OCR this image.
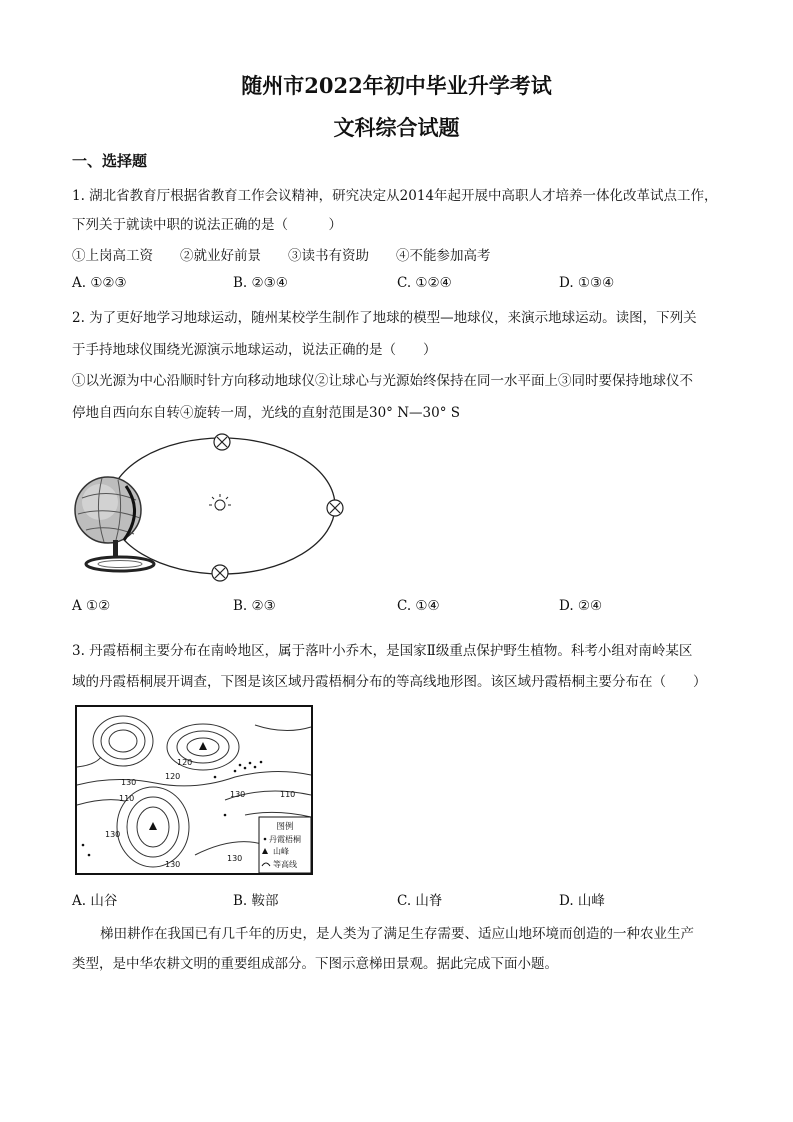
随州市2022年初中毕业升学考试
文科综合试题
一、选择题
1. 湖北省教育厅根据省教育工作会议精神，研究决定从2014年起开展中高职人才培养一体化改革试点工作，
下列关于就读中职的说法正确的是（　　　）
①上岗高工资　　②就业好前景　　③读书有资助　　④不能参加高考
A. ①②③	B. ②③④	C. ①②④	D. ①③④
2. 为了更好地学习地球运动，随州某校学生制作了地球的模型—地球仪，来演示地球运动。读图，下列关
于手持地球仪围绕光源演示地球运动，说法正确的是（　　）
①以光源为中心沿顺时针方向移动地球仪②让球心与光源始终保持在同一水平面上③同时要保持地球仪不
停地自西向东自转④旋转一周，光线的直射范围是30° N—30° S
A ①②	B. ②③	C. ①④	D. ②④
3. 丹霞梧桐主要分布在南岭地区，属于落叶小乔木，是国家Ⅱ级重点保护野生植物。科考小组对南岭某区
域的丹霞梧桐展开调查，下图是该区域丹霞梧桐分布的等高线地形图。该区域丹霞梧桐主要分布在（　　）
120
130
110
120
130	110
130
130
130
图例
丹霞梧桐
山峰
等高线
A. 山谷	B. 鞍部	C. 山脊	D. 山峰
梯田耕作在我国已有几千年的历史，是人类为了满足生存需要、适应山地环境而创造的一种农业生产
类型，是中华农耕文明的重要组成部分。下图示意梯田景观。据此完成下面小题。
